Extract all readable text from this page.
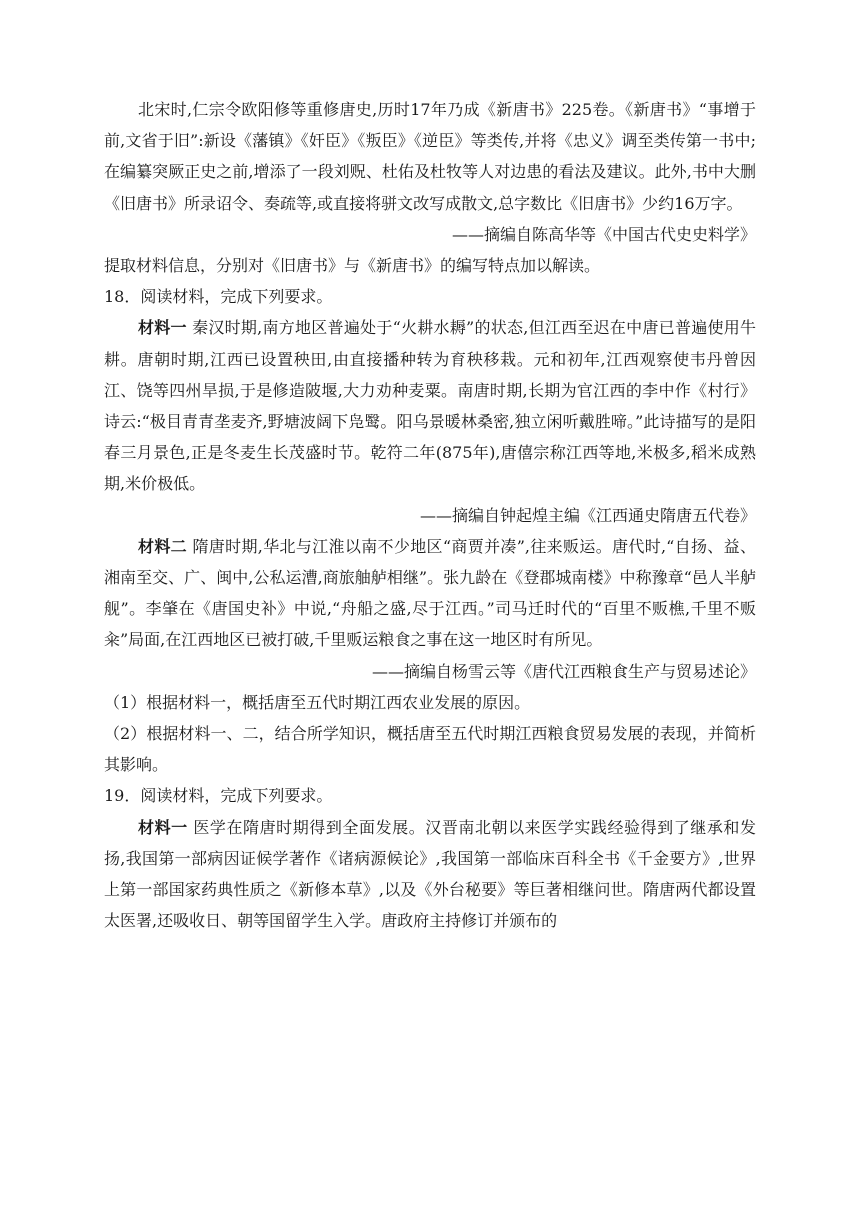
北宋时,仁宗令欧阳修等重修唐史,历时17年乃成《新唐书》225卷。《新唐书》“事增于前,文省于旧”:新设《藩镇》《奸臣》《叛臣》《逆臣》等类传,并将《忠义》调至类传第一书中;在编纂突厥正史之前,增添了一段刘贶、杜佑及杜牧等人对边患的看法及建议。此外,书中大删《旧唐书》所录诏令、奏疏等,或直接将骈文改写成散文,总字数比《旧唐书》少约16万字。

——摘编自陈高华等《中国古代史史料学》

提取材料信息，分别对《旧唐书》与《新唐书》的编写特点加以解读。

18．阅读材料，完成下列要求。

材料一 秦汉时期,南方地区普遍处于“火耕水耨”的状态,但江西至迟在中唐已普遍使用牛耕。唐朝时期,江西已设置秧田,由直接播种转为育秧移栽。元和初年,江西观察使韦丹曾因江、饶等四州旱损,于是修造陂堰,大力劝种麦粟。南唐时期,长期为官江西的李中作《村行》诗云:“极目青青垄麦齐,野塘波阔下凫鹥。阳乌景暖林桑密,独立闲听戴胜啼。”此诗描写的是阳春三月景色,正是冬麦生长茂盛时节。乾符二年(875年),唐僖宗称江西等地,米极多,稻米成熟期,米价极低。

——摘编自钟起煌主编《江西通史隋唐五代卷》

材料二 隋唐时期,华北与江淮以南不少地区“商贾并凑”,往来贩运。唐代时,“自扬、益、湘南至交、广、闽中,公私运漕,商旅舳舻相继”。张九龄在《登郡城南楼》中称豫章“邑人半舻舰”。李肇在《唐国史补》中说,“舟船之盛,尽于江西。”司马迁时代的“百里不贩樵,千里不贩籴”局面,在江西地区已被打破,千里贩运粮食之事在这一地区时有所见。

——摘编自杨雪云等《唐代江西粮食生产与贸易述论》

（1）根据材料一，概括唐至五代时期江西农业发展的原因。

（2）根据材料一、二，结合所学知识，概括唐至五代时期江西粮食贸易发展的表现，并简析其影响。

19．阅读材料，完成下列要求。

材料一 医学在隋唐时期得到全面发展。汉晋南北朝以来医学实践经验得到了继承和发扬,我国第一部病因证候学著作《诸病源候论》,我国第一部临床百科全书《千金要方》,世界上第一部国家药典性质之《新修本草》,以及《外台秘要》等巨著相继问世。隋唐两代都设置太医署,还吸收日、朝等国留学生入学。唐政府主持修订并颁布的
